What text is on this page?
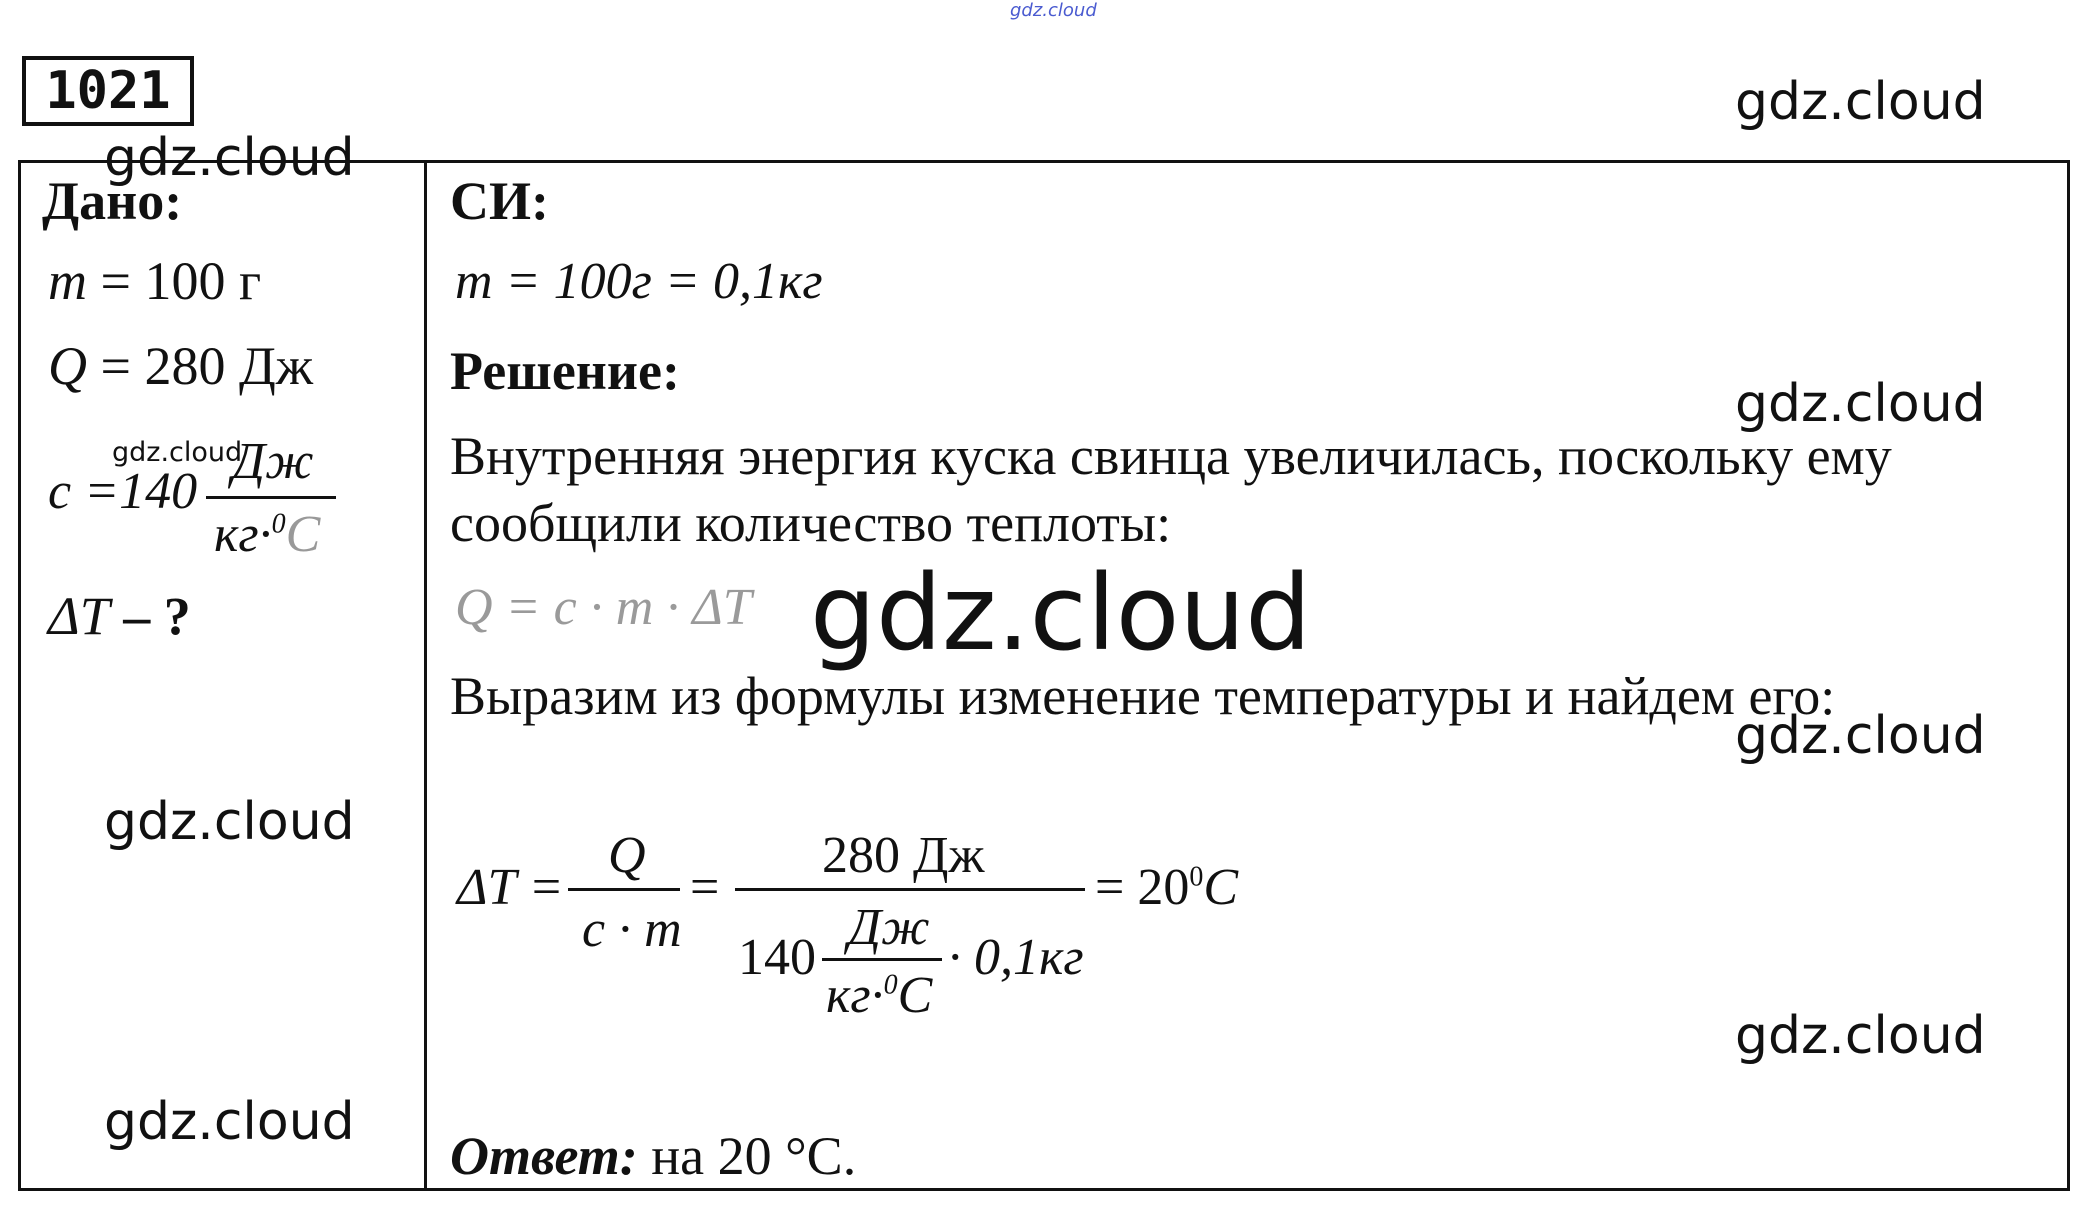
gdz.cloud
1021
Дано:
m = 100 г
Q = 280 Дж
c =140
Дж
кг·$^0$C
ΔT – ?
СИ:
m = 100г = 0,1кг
Решение:
Внутренняя энергия куска свинца увеличилась, поскольку ему
сообщили количество теплоты:
Q = c · m · ΔT
Выразим из формулы изменение температуры и найдем его:
ΔT =
Q
c · m
=
280 Дж
140
Дж
кг·$^0$C
· 0,1кг
= $20^0C$
Ответ: на 20 °С.
gdz.cloud
gdz.cloud
gdz.cloud
gdz.cloud
gdz.cloud
gdz.cloud
gdz.cloud
gdz.cloud
gdz.cloud
